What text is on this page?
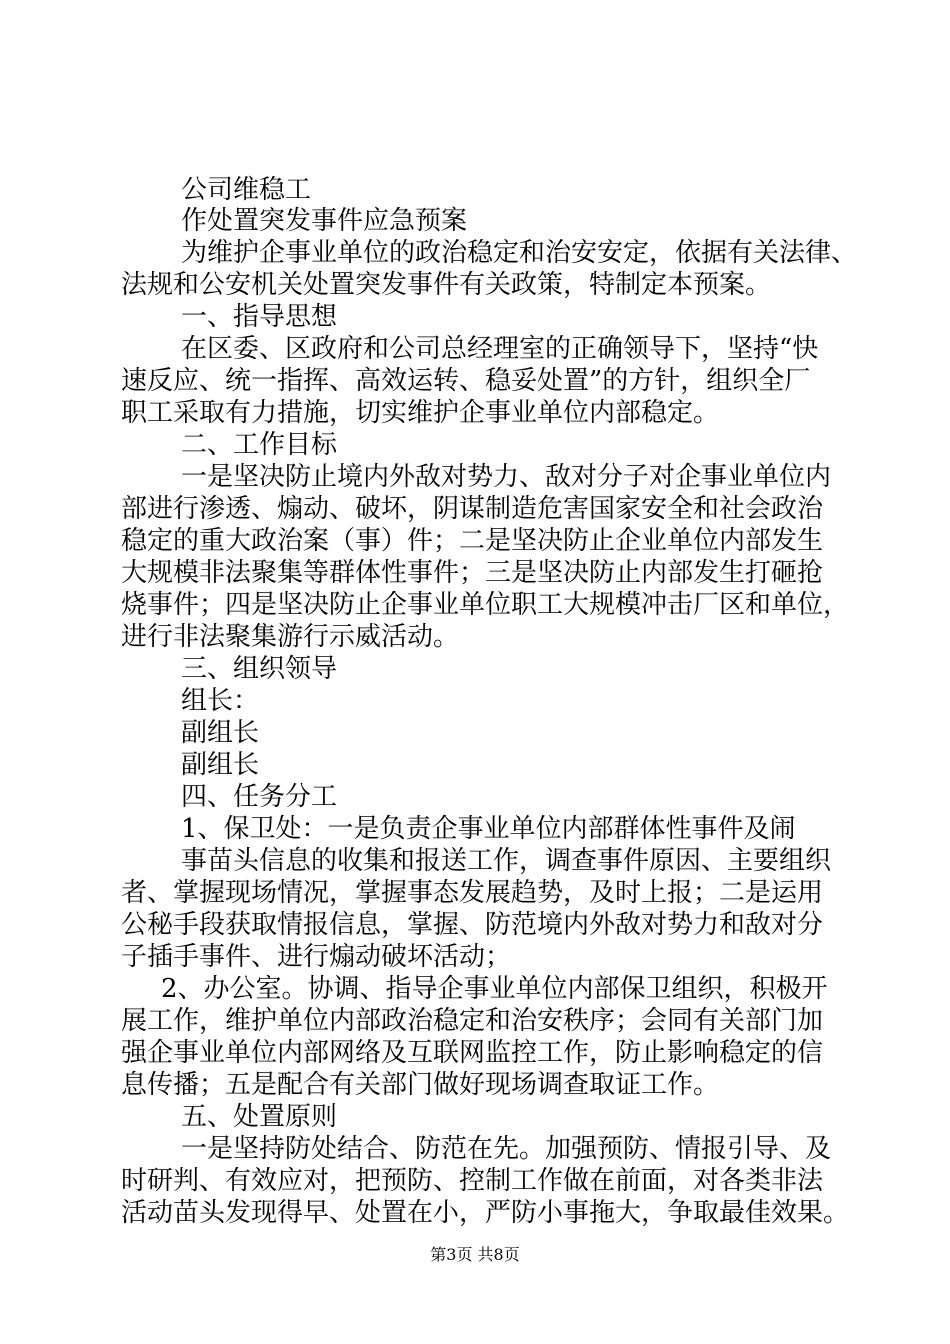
公司维稳工
作处置突发事件应急预案
为维护企事业单位的政治稳定和治安安定，依据有关法律、
法规和公安机关处置突发事件有关政策，特制定本预案。
一、指导思想
在区委、区政府和公司总经理室的正确领导下，坚持“快
速反应、统一指挥、高效运转、稳妥处置”的方针，组织全厂
职工采取有力措施，切实维护企事业单位内部稳定。
二、工作目标
一是坚决防止境内外敌对势力、敌对分子对企事业单位内
部进行渗透、煽动、破坏，阴谋制造危害国家安全和社会政治
稳定的重大政治案（事）件；二是坚决防止企业单位内部发生
大规模非法聚集等群体性事件；三是坚决防止内部发生打砸抢
烧事件；四是坚决防止企事业单位职工大规模冲击厂区和单位，
进行非法聚集游行示威活动。
三、组织领导
组长：
副组长
副组长
四、任务分工
1、保卫处：一是负责企事业单位内部群体性事件及闹
事苗头信息的收集和报送工作，调查事件原因、主要组织
者、掌握现场情况，掌握事态发展趋势，及时上报；二是运用
公秘手段获取情报信息，掌握、防范境内外敌对势力和敌对分
子插手事件、进行煽动破坏活动；
2、办公室。协调、指导企事业单位内部保卫组织，积极开
展工作，维护单位内部政治稳定和治安秩序；会同有关部门加
强企事业单位内部网络及互联网监控工作，防止影响稳定的信
息传播；五是配合有关部门做好现场调查取证工作。
五、处置原则
一是坚持防处结合、防范在先。加强预防、情报引导、及
时研判、有效应对，把预防、控制工作做在前面，对各类非法
活动苗头发现得早、处置在小，严防小事拖大，争取最佳效果。
第3页 共8页
